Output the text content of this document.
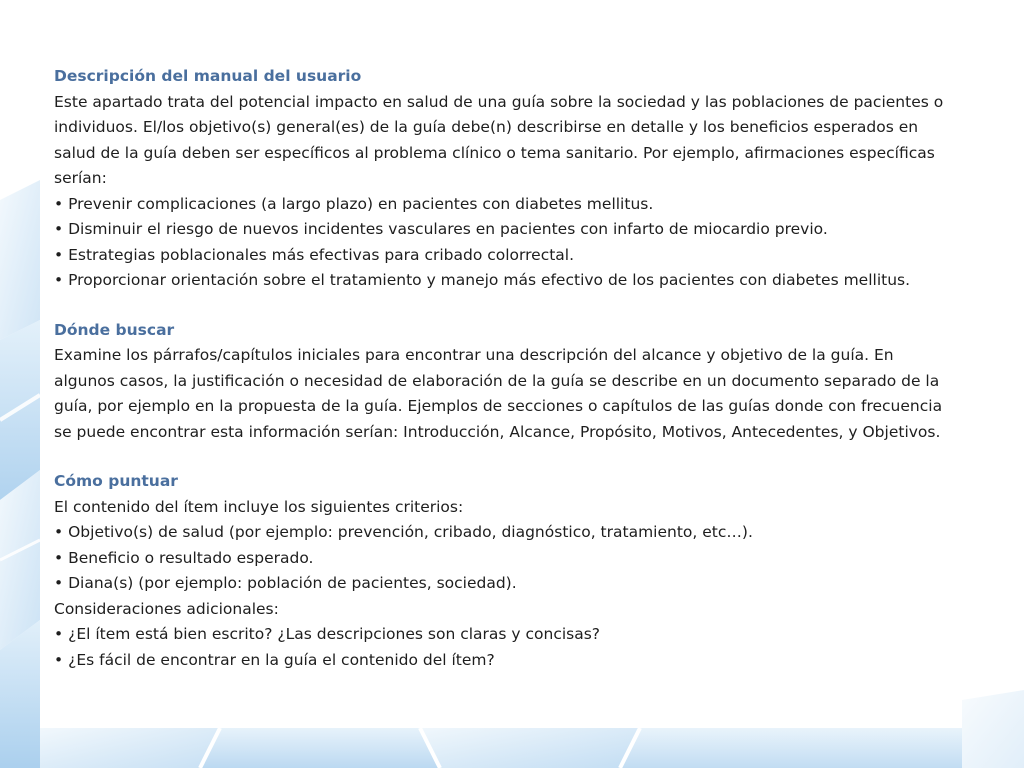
Descripción del manual del usuario

Este apartado trata del potencial impacto en salud de una guía sobre la sociedad y las poblaciones de pacientes o individuos. El/los objetivo(s) general(es) de la guía debe(n) describirse en detalle y los beneficios esperados en salud de la guía deben ser específicos al problema clínico o tema sanitario. Por ejemplo, afirmaciones específicas serían:

• Prevenir complicaciones (a largo plazo) en pacientes con diabetes mellitus.
• Disminuir el riesgo de nuevos incidentes vasculares en pacientes con infarto de miocardio previo.
• Estrategias poblacionales más efectivas para cribado colorrectal.
• Proporcionar orientación sobre el tratamiento y manejo más efectivo de los pacientes con diabetes mellitus.

Dónde buscar

Examine los párrafos/capítulos iniciales para encontrar una descripción del alcance y objetivo de la guía. En algunos casos, la justificación o necesidad de elaboración de la guía se describe en un documento separado de la guía, por ejemplo en la propuesta de la guía. Ejemplos de secciones o capítulos de las guías donde con frecuencia se puede encontrar esta información serían: Introducción, Alcance, Propósito, Motivos, Antecedentes, y Objetivos.

Cómo puntuar

El contenido del ítem incluye los siguientes criterios:

• Objetivo(s) de salud (por ejemplo: prevención, cribado, diagnóstico, tratamiento, etc…).
• Beneficio o resultado esperado.
• Diana(s) (por ejemplo: población de pacientes, sociedad).

Consideraciones adicionales:

• ¿El ítem está bien escrito? ¿Las descripciones son claras y concisas?
• ¿Es fácil de encontrar en la guía el contenido del ítem?
